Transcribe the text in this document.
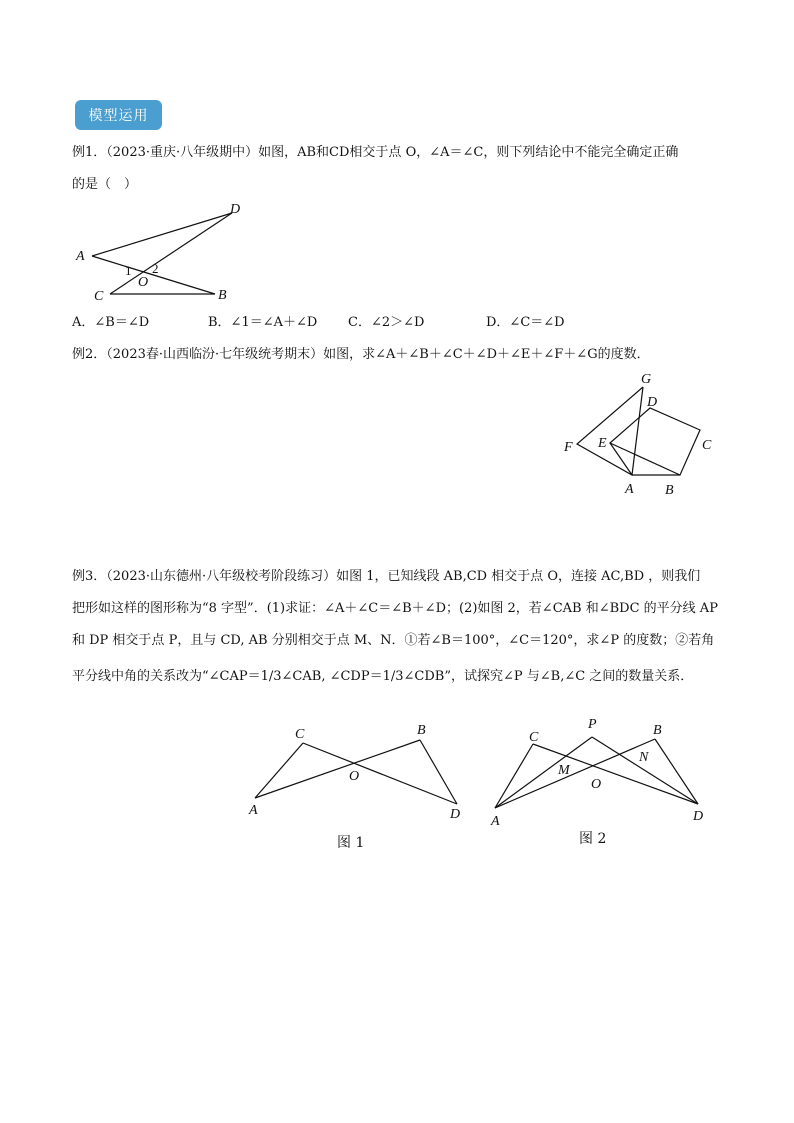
模型运用
例1．（2023·重庆·八年级期中）如图，AB和CD相交于点 O，∠A＝∠C，则下列结论中不能完全确定正确
的是（　）
A
D
C	B
O
1 2
A．∠B＝∠D	B．∠1＝∠A＋∠D C．∠2＞∠D	D．∠C＝∠D
例2．（2023春·山西临汾·七年级统考期末）如图，求∠A＋∠B＋∠C＋∠D＋∠E＋∠F＋∠G的度数．
G
D
E	C
F
A B
例3．（2023·山东德州·八年级校考阶段练习）如图 1，已知线段 AB,CD 相交于点 O，连接 AC,BD ，则我们
把形如这样的图形称为“8 字型”．(1)求证：∠A＋∠C＝∠B＋∠D；(2)如图 2，若∠CAB 和∠BDC 的平分线 AP
和 DP 相交于点 P，且与 CD, AB 分别相交于点 M、N．①若∠B＝100°，∠C＝120°，求∠P 的度数；②若角
平分线中角的关系改为“∠CAP＝1/3∠CAB, ∠CDP＝1/3∠CDB”，试探究∠P 与∠B,∠C 之间的数量关系．
C	B
O
A	D
图 1
P
C	B
M
N
O
A	D
图 2
